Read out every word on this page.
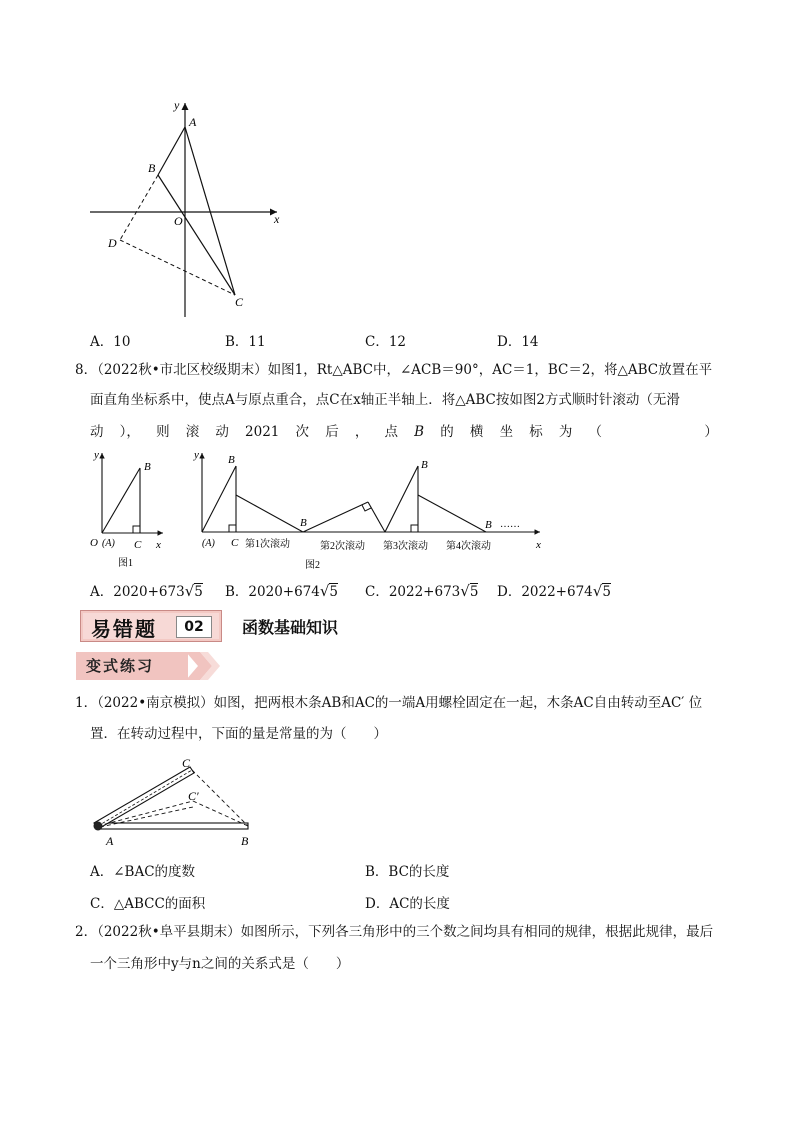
y
A
B
O	x
D
C
A．10	B．11	C．12	D．14
8．（2022秋•市北区校级期末）如图1，Rt△ABC中，∠ACB＝90°，AC＝1，BC＝2，将△ABC放置在平
面直角坐标系中，使点A与原点重合，点C在x轴正半轴上．将△ABC按如图2方式顺时针滚动（无滑
动 ）， 则 滚 动 2021 次 后 ， 点 B 的 横 坐 标 为 （	）
y
B
O (A) C x
图1
y	B
B
B
B ……
(A) C 第1次滚动	第2次滚动 第3次滚动 第4次滚动	x
图2
A．2020+673√5 B．2020+674√5 C．2022+673√5 D．2022+674√5
易错题	02	函数基础知识
变式练习
1．（2022•南京模拟）如图，把两根木条AB和AC的一端A用螺栓固定在一起，木条AC自由转动至AC′ 位
置．在转动过程中，下面的量是常量的为（　　）
C
C′
A	B
A．∠BAC的度数	B．BC的长度
C．△ABCC的面积	D．AC的长度
2．（2022秋•阜平县期末）如图所示，下列各三角形中的三个数之间均具有相同的规律，根据此规律，最后
一个三角形中y与n之间的关系式是（　　）
